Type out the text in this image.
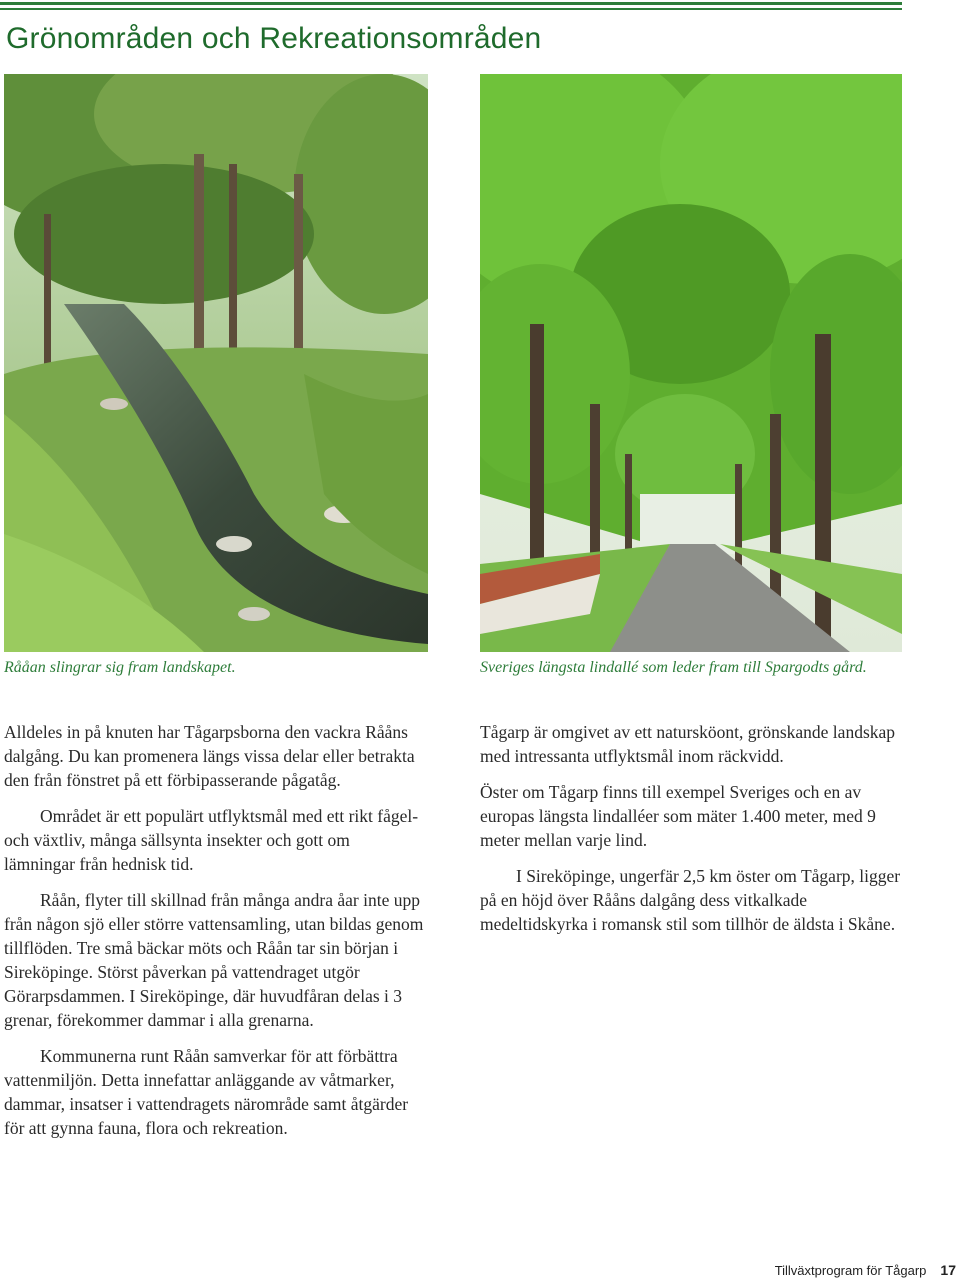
Grönområden och Rekreationsområden
Rååan slingrar sig fram landskapet.	Sveriges längsta lindallé som leder fram till Spargodts gård.

Alldeles in på knuten har Tågarpsborna den vackra Rååns dalgång. Du kan promenera längs vissa delar eller betrakta den från fönstret på ett förbipasserande pågatåg.

Området är ett populärt utflyktsmål med ett rikt fågel- och växtliv, många sällsynta insekter och gott om lämningar från hednisk tid.

Råån, flyter till skillnad från många andra åar inte upp från någon sjö eller större vattensamling, utan bildas genom tillflöden. Tre små bäckar möts och Råån tar sin början i Sireköpinge. Störst påverkan på vattendraget utgör Görarpsdammen. I Sireköpinge, där huvudfåran delas i 3 grenar, förekommer dammar i alla grenarna.

Kommunerna runt Råån samverkar för att förbättra vattenmiljön. Detta innefattar anläggande av våtmarker, dammar, insatser i vattendragets närområde samt åtgärder för att gynna fauna, flora och rekreation.

Tågarp är omgivet av ett natursköont, grönskande landskap med intressanta utflyktsmål inom räckvidd.

Öster om Tågarp finns till exempel Sveriges och en av europas längsta lindalléer som mäter 1.400 meter, med 9 meter mellan varje lind.

I Sireköpinge, ungerfär 2,5 km öster om Tågarp, ligger på en höjd över Rååns dalgång dess vitkalkade medeltidskyrka i romansk stil som tillhör de äldsta i Skåne.

Tillväxtprogram för Tågarp 17
